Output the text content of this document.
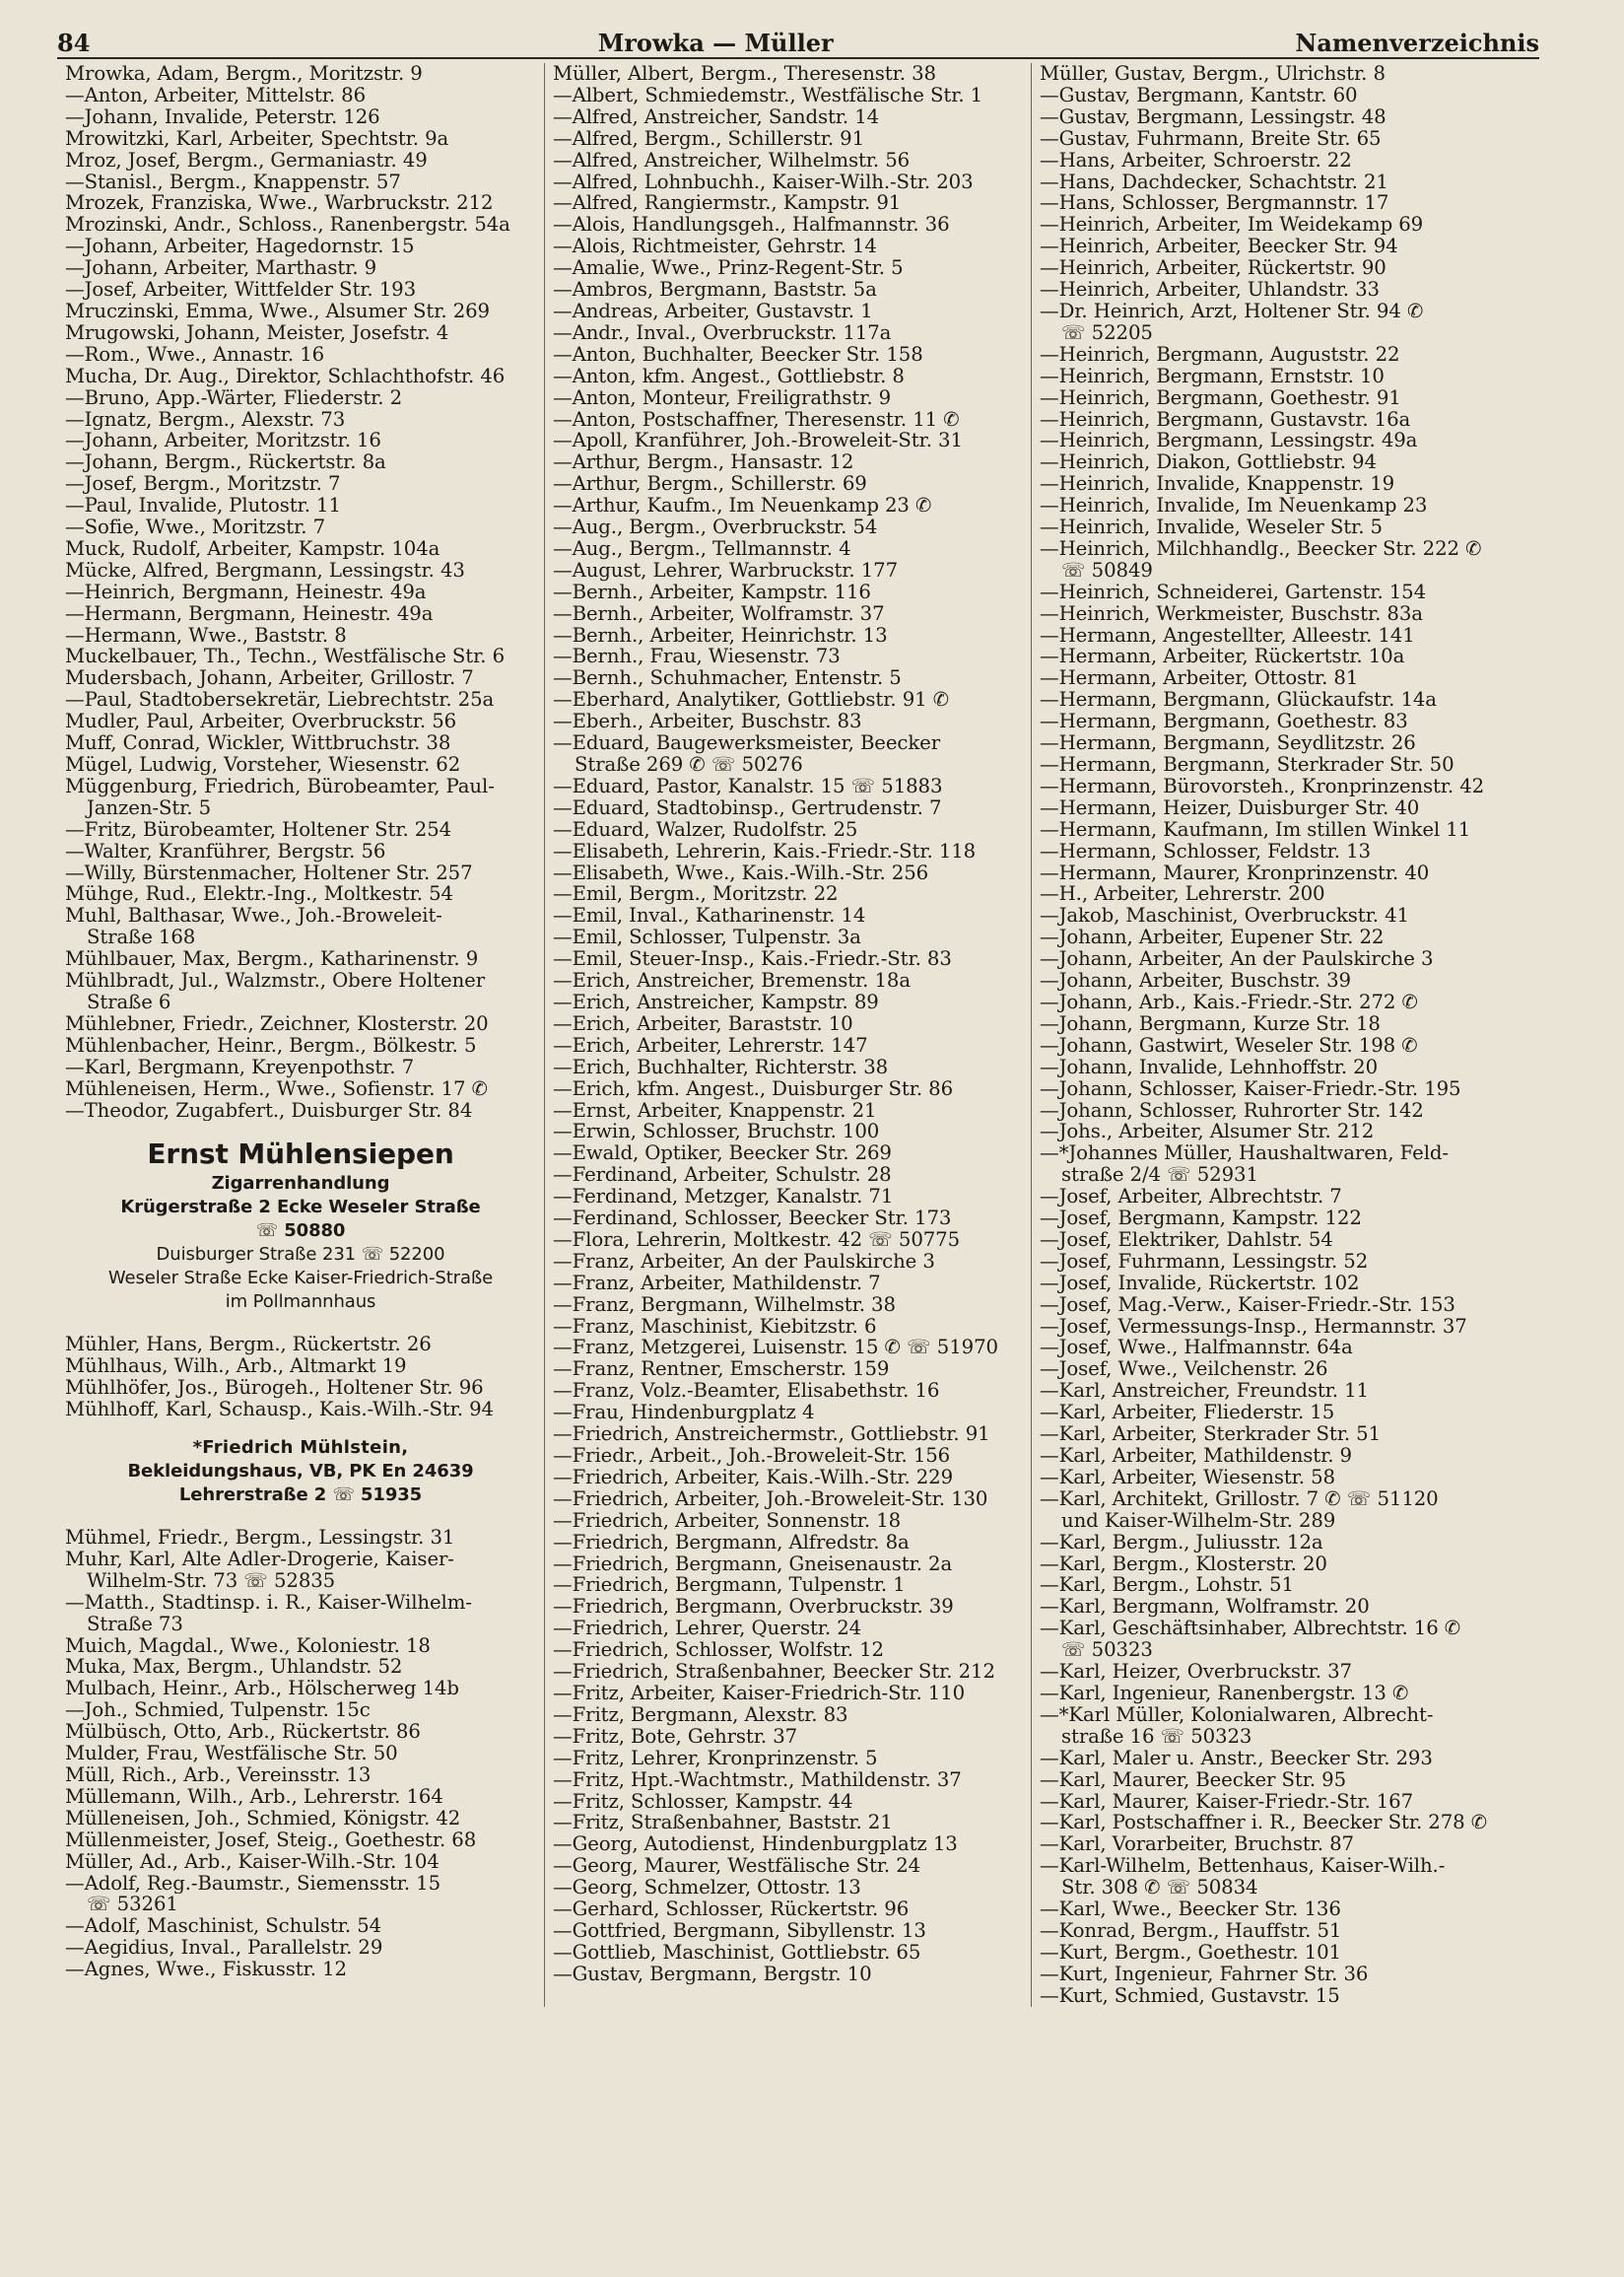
84	Mrowka — Müller	Namenverzeichnis
Mrowka, Adam, Bergm., Moritzstr. 9
—Anton, Arbeiter, Mittelstr. 86
—Johann, Invalide, Peterstr. 126
Mrowitzki, Karl, Arbeiter, Spechtstr. 9a
Mroz, Josef, Bergm., Germaniastr. 49
—Stanisl., Bergm., Knappenstr. 57
Mrozek, Franziska, Wwe., Warbruckstr. 212
Mrozinski, Andr., Schloss., Ranenbergstr. 54a
—Johann, Arbeiter, Hagedornstr. 15
—Johann, Arbeiter, Marthastr. 9
—Josef, Arbeiter, Wittfelder Str. 193
Mruczinski, Emma, Wwe., Alsumer Str. 269
Mrugowski, Johann, Meister, Josefstr. 4
—Rom., Wwe., Annastr. 16
Mucha, Dr. Aug., Direktor, Schlachthofstr. 46
—Bruno, App.-Wärter, Fliederstr. 2
—Ignatz, Bergm., Alexstr. 73
—Johann, Arbeiter, Moritzstr. 16
—Johann, Bergm., Rückertstr. 8a
—Josef, Bergm., Moritzstr. 7
—Paul, Invalide, Plutostr. 11
—Sofie, Wwe., Moritzstr. 7
Muck, Rudolf, Arbeiter, Kampstr. 104a
Mücke, Alfred, Bergmann, Lessingstr. 43
—Heinrich, Bergmann, Heinestr. 49a
—Hermann, Bergmann, Heinestr. 49a
—Hermann, Wwe., Baststr. 8
Muckelbauer, Th., Techn., Westfälische Str. 6
Mudersbach, Johann, Arbeiter, Grillostr. 7
—Paul, Stadtobersekretär, Liebrechtstr. 25a
Mudler, Paul, Arbeiter, Overbruckstr. 56
Muff, Conrad, Wickler, Wittbruchstr. 38
Mügel, Ludwig, Vorsteher, Wiesenstr. 62
Müggenburg, Friedrich, Bürobeamter, Paul-
Janzen-Str. 5
—Fritz, Bürobeamter, Holtener Str. 254
—Walter, Kranführer, Bergstr. 56
—Willy, Bürstenmacher, Holtener Str. 257
Mühge, Rud., Elektr.-Ing., Moltkestr. 54
Muhl, Balthasar, Wwe., Joh.-Broweleit-
Straße 168
Mühlbauer, Max, Bergm., Katharinenstr. 9
Mühlbradt, Jul., Walzmstr., Obere Holtener
Straße 6
Mühlebner, Friedr., Zeichner, Klosterstr. 20
Mühlenbacher, Heinr., Bergm., Bölkestr. 5
—Karl, Bergmann, Kreyenpothstr. 7
Mühleneisen, Herm., Wwe., Sofienstr. 17 ✆
—Theodor, Zugabfert., Duisburger Str. 84
Ernst Mühlensiepen
Zigarrenhandlung
Krügerstraße 2 Ecke Weseler Straße
☏ 50880
Duisburger Straße 231 ☏ 52200
Weseler Straße Ecke Kaiser-Friedrich-Straße
im Pollmannhaus
Mühler, Hans, Bergm., Rückertstr. 26
Mühlhaus, Wilh., Arb., Altmarkt 19
Mühlhöfer, Jos., Bürogeh., Holtener Str. 96
Mühlhoff, Karl, Schausp., Kais.-Wilh.-Str. 94
*Friedrich Mühlstein,
Bekleidungshaus, VB, PK En 24639
Lehrerstraße 2 ☏ 51935
Mühmel, Friedr., Bergm., Lessingstr. 31
Muhr, Karl, Alte Adler-Drogerie, Kaiser-
Wilhelm-Str. 73 ☏ 52835
—Matth., Stadtinsp. i. R., Kaiser-Wilhelm-
Straße 73
Muich, Magdal., Wwe., Koloniestr. 18
Muka, Max, Bergm., Uhlandstr. 52
Mulbach, Heinr., Arb., Hölscherweg 14b
—Joh., Schmied, Tulpenstr. 15c
Mülbüsch, Otto, Arb., Rückertstr. 86
Mulder, Frau, Westfälische Str. 50
Müll, Rich., Arb., Vereinsstr. 13
Müllemann, Wilh., Arb., Lehrerstr. 164
Mülleneisen, Joh., Schmied, Königstr. 42
Müllenmeister, Josef, Steig., Goethestr. 68
Müller, Ad., Arb., Kaiser-Wilh.-Str. 104
—Adolf, Reg.-Baumstr., Siemensstr. 15
☏ 53261
—Adolf, Maschinist, Schulstr. 54
—Aegidius, Inval., Parallelstr. 29
—Agnes, Wwe., Fiskusstr. 12
Müller, Albert, Bergm., Theresenstr. 38
—Albert, Schmiedemstr., Westfälische Str. 1
—Alfred, Anstreicher, Sandstr. 14
—Alfred, Bergm., Schillerstr. 91
—Alfred, Anstreicher, Wilhelmstr. 56
—Alfred, Lohnbuchh., Kaiser-Wilh.-Str. 203
—Alfred, Rangiermstr., Kampstr. 91
—Alois, Handlungsgeh., Halfmannstr. 36
—Alois, Richtmeister, Gehrstr. 14
—Amalie, Wwe., Prinz-Regent-Str. 5
—Ambros, Bergmann, Baststr. 5a
—Andreas, Arbeiter, Gustavstr. 1
—Andr., Inval., Overbruckstr. 117a
—Anton, Buchhalter, Beecker Str. 158
—Anton, kfm. Angest., Gottliebstr. 8
—Anton, Monteur, Freiligrathstr. 9
—Anton, Postschaffner, Theresenstr. 11 ✆
—Apoll, Kranführer, Joh.-Broweleit-Str. 31
—Arthur, Bergm., Hansastr. 12
—Arthur, Bergm., Schillerstr. 69
—Arthur, Kaufm., Im Neuenkamp 23 ✆
—Aug., Bergm., Overbruckstr. 54
—Aug., Bergm., Tellmannstr. 4
—August, Lehrer, Warbruckstr. 177
—Bernh., Arbeiter, Kampstr. 116
—Bernh., Arbeiter, Wolframstr. 37
—Bernh., Arbeiter, Heinrichstr. 13
—Bernh., Frau, Wiesenstr. 73
—Bernh., Schuhmacher, Entenstr. 5
—Eberhard, Analytiker, Gottliebstr. 91 ✆
—Eberh., Arbeiter, Buschstr. 83
—Eduard, Baugewerksmeister, Beecker
Straße 269 ✆ ☏ 50276
—Eduard, Pastor, Kanalstr. 15 ☏ 51883
—Eduard, Stadtobinsp., Gertrudenstr. 7
—Eduard, Walzer, Rudolfstr. 25
—Elisabeth, Lehrerin, Kais.-Friedr.-Str. 118
—Elisabeth, Wwe., Kais.-Wilh.-Str. 256
—Emil, Bergm., Moritzstr. 22
—Emil, Inval., Katharinenstr. 14
—Emil, Schlosser, Tulpenstr. 3a
—Emil, Steuer-Insp., Kais.-Friedr.-Str. 83
—Erich, Anstreicher, Bremenstr. 18a
—Erich, Anstreicher, Kampstr. 89
—Erich, Arbeiter, Baraststr. 10
—Erich, Arbeiter, Lehrerstr. 147
—Erich, Buchhalter, Richterstr. 38
—Erich, kfm. Angest., Duisburger Str. 86
—Ernst, Arbeiter, Knappenstr. 21
—Erwin, Schlosser, Bruchstr. 100
—Ewald, Optiker, Beecker Str. 269
—Ferdinand, Arbeiter, Schulstr. 28
—Ferdinand, Metzger, Kanalstr. 71
—Ferdinand, Schlosser, Beecker Str. 173
—Flora, Lehrerin, Moltkestr. 42 ☏ 50775
—Franz, Arbeiter, An der Paulskirche 3
—Franz, Arbeiter, Mathildenstr. 7
—Franz, Bergmann, Wilhelmstr. 38
—Franz, Maschinist, Kiebitzstr. 6
—Franz, Metzgerei, Luisenstr. 15 ✆ ☏ 51970
—Franz, Rentner, Emscherstr. 159
—Franz, Volz.-Beamter, Elisabethstr. 16
—Frau, Hindenburgplatz 4
—Friedrich, Anstreichermstr., Gottliebstr. 91
—Friedr., Arbeit., Joh.-Broweleit-Str. 156
—Friedrich, Arbeiter, Kais.-Wilh.-Str. 229
—Friedrich, Arbeiter, Joh.-Broweleit-Str. 130
—Friedrich, Arbeiter, Sonnenstr. 18
—Friedrich, Bergmann, Alfredstr. 8a
—Friedrich, Bergmann, Gneisenaustr. 2a
—Friedrich, Bergmann, Tulpenstr. 1
—Friedrich, Bergmann, Overbruckstr. 39
—Friedrich, Lehrer, Querstr. 24
—Friedrich, Schlosser, Wolfstr. 12
—Friedrich, Straßenbahner, Beecker Str. 212
—Fritz, Arbeiter, Kaiser-Friedrich-Str. 110
—Fritz, Bergmann, Alexstr. 83
—Fritz, Bote, Gehrstr. 37
—Fritz, Lehrer, Kronprinzenstr. 5
—Fritz, Hpt.-Wachtmstr., Mathildenstr. 37
—Fritz, Schlosser, Kampstr. 44
—Fritz, Straßenbahner, Baststr. 21
—Georg, Autodienst, Hindenburgplatz 13
—Georg, Maurer, Westfälische Str. 24
—Georg, Schmelzer, Ottostr. 13
—Gerhard, Schlosser, Rückertstr. 96
—Gottfried, Bergmann, Sibyllenstr. 13
—Gottlieb, Maschinist, Gottliebstr. 65
—Gustav, Bergmann, Bergstr. 10
Müller, Gustav, Bergm., Ulrichstr. 8
—Gustav, Bergmann, Kantstr. 60
—Gustav, Bergmann, Lessingstr. 48
—Gustav, Fuhrmann, Breite Str. 65
—Hans, Arbeiter, Schroerstr. 22
—Hans, Dachdecker, Schachtstr. 21
—Hans, Schlosser, Bergmannstr. 17
—Heinrich, Arbeiter, Im Weidekamp 69
—Heinrich, Arbeiter, Beecker Str. 94
—Heinrich, Arbeiter, Rückertstr. 90
—Heinrich, Arbeiter, Uhlandstr. 33
—Dr. Heinrich, Arzt, Holtener Str. 94 ✆
☏ 52205
—Heinrich, Bergmann, Auguststr. 22
—Heinrich, Bergmann, Ernststr. 10
—Heinrich, Bergmann, Goethestr. 91
—Heinrich, Bergmann, Gustavstr. 16a
—Heinrich, Bergmann, Lessingstr. 49a
—Heinrich, Diakon, Gottliebstr. 94
—Heinrich, Invalide, Knappenstr. 19
—Heinrich, Invalide, Im Neuenkamp 23
—Heinrich, Invalide, Weseler Str. 5
—Heinrich, Milchhandlg., Beecker Str. 222 ✆
☏ 50849
—Heinrich, Schneiderei, Gartenstr. 154
—Heinrich, Werkmeister, Buschstr. 83a
—Hermann, Angestellter, Alleestr. 141
—Hermann, Arbeiter, Rückertstr. 10a
—Hermann, Arbeiter, Ottostr. 81
—Hermann, Bergmann, Glückaufstr. 14a
—Hermann, Bergmann, Goethestr. 83
—Hermann, Bergmann, Seydlitzstr. 26
—Hermann, Bergmann, Sterkrader Str. 50
—Hermann, Bürovorsteh., Kronprinzenstr. 42
—Hermann, Heizer, Duisburger Str. 40
—Hermann, Kaufmann, Im stillen Winkel 11
—Hermann, Schlosser, Feldstr. 13
—Hermann, Maurer, Kronprinzenstr. 40
—H., Arbeiter, Lehrerstr. 200
—Jakob, Maschinist, Overbruckstr. 41
—Johann, Arbeiter, Eupener Str. 22
—Johann, Arbeiter, An der Paulskirche 3
—Johann, Arbeiter, Buschstr. 39
—Johann, Arb., Kais.-Friedr.-Str. 272 ✆
—Johann, Bergmann, Kurze Str. 18
—Johann, Gastwirt, Weseler Str. 198 ✆
—Johann, Invalide, Lehnhoffstr. 20
—Johann, Schlosser, Kaiser-Friedr.-Str. 195
—Johann, Schlosser, Ruhrorter Str. 142
—Johs., Arbeiter, Alsumer Str. 212
—*Johannes Müller, Haushaltwaren, Feld-
straße 2/4 ☏ 52931
—Josef, Arbeiter, Albrechtstr. 7
—Josef, Bergmann, Kampstr. 122
—Josef, Elektriker, Dahlstr. 54
—Josef, Fuhrmann, Lessingstr. 52
—Josef, Invalide, Rückertstr. 102
—Josef, Mag.-Verw., Kaiser-Friedr.-Str. 153
—Josef, Vermessungs-Insp., Hermannstr. 37
—Josef, Wwe., Halfmannstr. 64a
—Josef, Wwe., Veilchenstr. 26
—Karl, Anstreicher, Freundstr. 11
—Karl, Arbeiter, Fliederstr. 15
—Karl, Arbeiter, Sterkrader Str. 51
—Karl, Arbeiter, Mathildenstr. 9
—Karl, Arbeiter, Wiesenstr. 58
—Karl, Architekt, Grillostr. 7 ✆ ☏ 51120
und Kaiser-Wilhelm-Str. 289
—Karl, Bergm., Juliusstr. 12a
—Karl, Bergm., Klosterstr. 20
—Karl, Bergm., Lohstr. 51
—Karl, Bergmann, Wolframstr. 20
—Karl, Geschäftsinhaber, Albrechtstr. 16 ✆
☏ 50323
—Karl, Heizer, Overbruckstr. 37
—Karl, Ingenieur, Ranenbergstr. 13 ✆
—*Karl Müller, Kolonialwaren, Albrecht-
straße 16 ☏ 50323
—Karl, Maler u. Anstr., Beecker Str. 293
—Karl, Maurer, Beecker Str. 95
—Karl, Maurer, Kaiser-Friedr.-Str. 167
—Karl, Postschaffner i. R., Beecker Str. 278 ✆
—Karl, Vorarbeiter, Bruchstr. 87
—Karl-Wilhelm, Bettenhaus, Kaiser-Wilh.-
Str. 308 ✆ ☏ 50834
—Karl, Wwe., Beecker Str. 136
—Konrad, Bergm., Hauffstr. 51
—Kurt, Bergm., Goethestr. 101
—Kurt, Ingenieur, Fahrner Str. 36
—Kurt, Schmied, Gustavstr. 15
